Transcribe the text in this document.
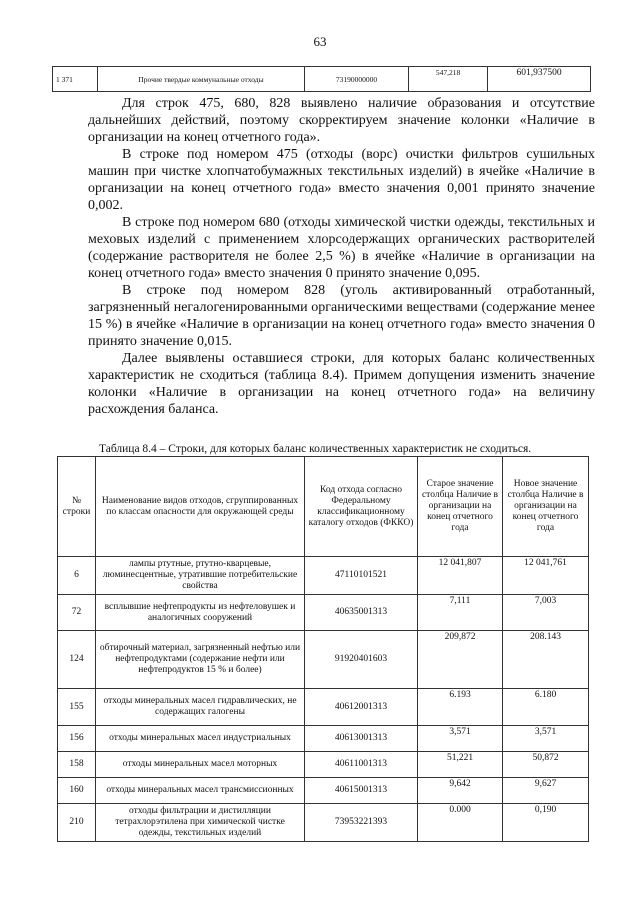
63
1 371	Прочие твердые коммунальные отходы	73190000000	547,218	601,937500

Для строк 475, 680, 828 выявлено наличие образования и отсутствие дальнейших действий, поэтому скорректируем значение колонки «Наличие в организации на конец отчетного года».

В строке под номером 475 (отходы (ворс) очистки фильтров сушильных машин при чистке хлопчатобумажных текстильных изделий) в ячейке «Наличие в организации на конец отчетного года» вместо значения 0,001 принято значение 0,002.

В строке под номером 680 (отходы химической чистки одежды, текстильных и меховых изделий с применением хлорсодержащих органических растворителей (содержание растворителя не более 2,5 %) в ячейке «Наличие в организации на конец отчетного года» вместо значения 0 принято значение 0,095.

В строке под номером 828 (уголь активированный отработанный, загрязненный негалогенированными органическими веществами (содержание менее 15 %) в ячейке «Наличие в организации на конец отчетного года» вместо значения 0 принято значение 0,015.

Далее выявлены оставшиеся строки, для которых баланс количественных характеристик не сходиться (таблица 8.4). Примем допущения изменить значение колонки «Наличие в организации на конец отчетного года» на величину расхождения баланса.

Таблица 8.4 – Строки, для которых баланс количественных характеристик не сходиться.
№ строки	Наименование видов отходов, сгруппированных по классам опасности для окружающей среды	Код отхода согласно Федеральному классификационному каталогу отходов (ФККО)	Старое значение столбца Наличие в организации на конец отчетного года	Новое значение столбца Наличие в организации на конец отчетного года
6	лампы ртутные, ртутно-кварцевые, люминесцентные, утратившие потребительские свойства	47110101521	12 041,807	12 041,761
72	всплывшие нефтепродукты из нефтеловушек и аналогичных сооружений	40635001313	7,111	7,003
124	обтирочный материал, загрязненный нефтью или нефтепродуктами (содержание нефти или нефтепродуктов 15 % и более)	91920401603	209,872	208.143
155	отходы минеральных масел гидравлических, не содержащих галогены	40612001313	6.193	6.180
156	отходы минеральных масел индустриальных	40613001313	3,571	3,571
158	отходы минеральных масел моторных	40611001313	51,221	50,872
160	отходы минеральных масел трансмиссионных	40615001313	9,642	9,627
210	отходы фильтрации и дистилляции тетрахлорэтилена при химической чистке одежды, текстильных изделий	73953221393	0.000	0,190
